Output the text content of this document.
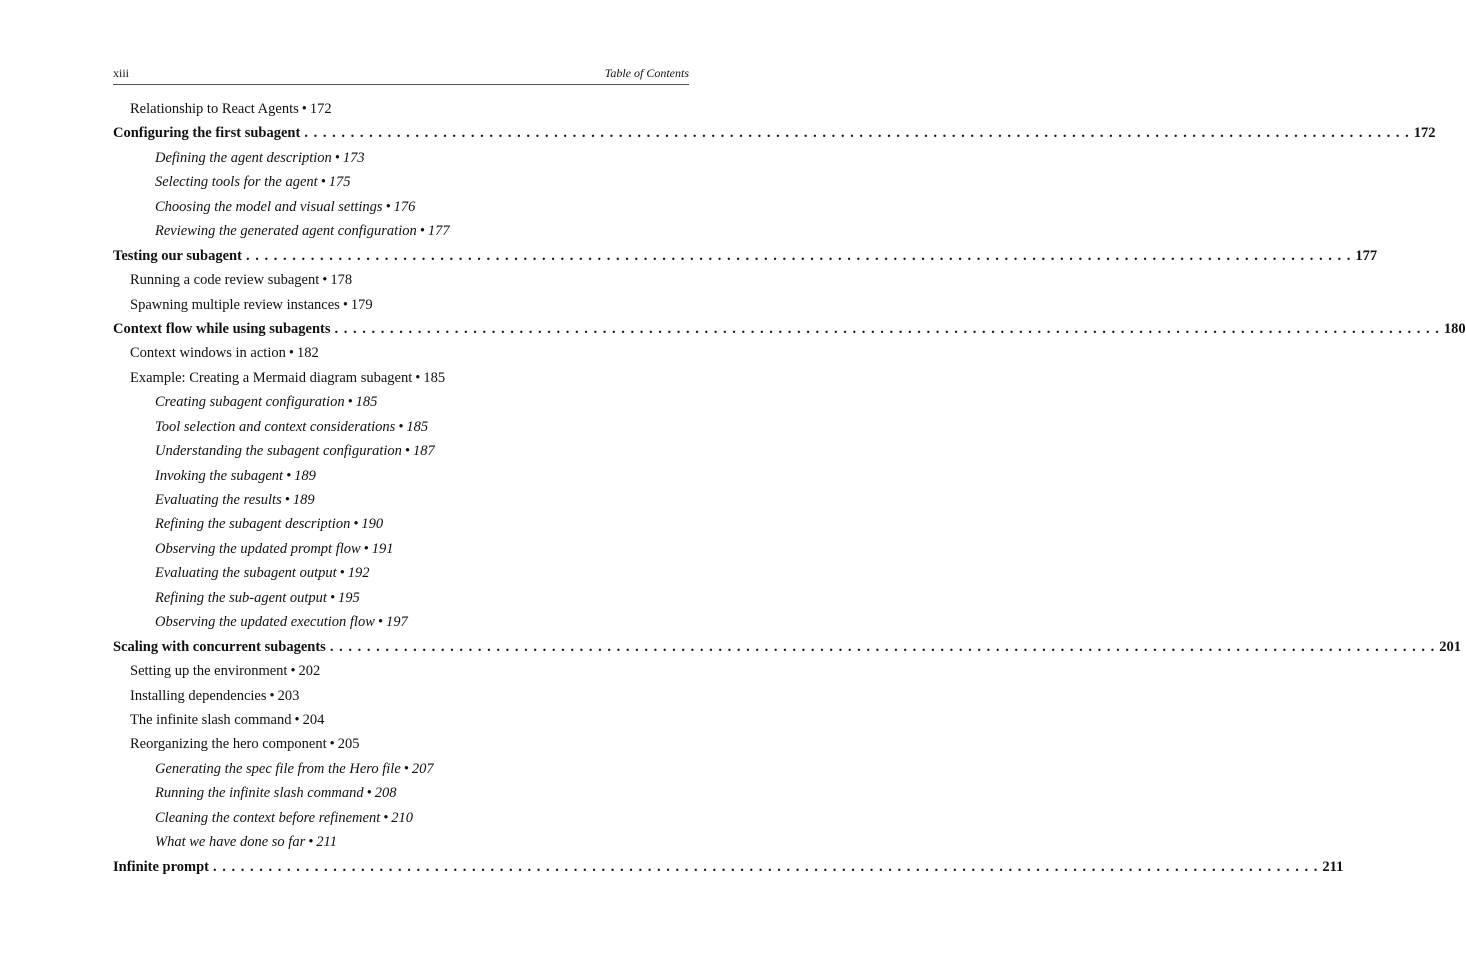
xiii	Table of Contents
Relationship to React Agents • 172
Configuring the first subagent . . . . . . . . . . . . . . . . . . . . . . . . . . . . . . . . . . . . . . . . . . . . . . . . . . . . . . . . . . . . . . . . . . . . . . . . . . . . . . . . . . . . . . . . . . . . . . . . . . . . . . . . . . . . . . . . . . . . . . . . 172
Defining the agent description • 173
Selecting tools for the agent • 175
Choosing the model and visual settings • 176
Reviewing the generated agent configuration • 177
Testing our subagent . . . . . . . . . . . . . . . . . . . . . . . . . . . . . . . . . . . . . . . . . . . . . . . . . . . . . . . . . . . . . . . . . . . . . . . . . . . . . . . . . . . . . . . . . . . . . . . . . . . . . . . . . . . . . . . . . . . . . . . . 177
Running a code review subagent • 178
Spawning multiple review instances • 179
Context flow while using subagents . . . . . . . . . . . . . . . . . . . . . . . . . . . . . . . . . . . . . . . . . . . . . . . . . . . . . . . . . . . . . . . . . . . . . . . . . . . . . . . . . . . . . . . . . . . . . . . . . . . . . . . . . . . . . . . . . . . . . . . . 180
Context windows in action • 182
Example: Creating a Mermaid diagram subagent • 185
Creating subagent configuration • 185
Tool selection and context considerations • 185
Understanding the subagent configuration • 187
Invoking the subagent • 189
Evaluating the results • 189
Refining the subagent description • 190
Observing the updated prompt flow • 191
Evaluating the subagent output • 192
Refining the sub-agent output • 195
Observing the updated execution flow • 197
Scaling with concurrent subagents . . . . . . . . . . . . . . . . . . . . . . . . . . . . . . . . . . . . . . . . . . . . . . . . . . . . . . . . . . . . . . . . . . . . . . . . . . . . . . . . . . . . . . . . . . . . . . . . . . . . . . . . . . . . . . . . . . . . . . . . 201
Setting up the environment • 202
Installing dependencies • 203
The infinite slash command • 204
Reorganizing the hero component • 205
Generating the spec file from the Hero file • 207
Running the infinite slash command • 208
Cleaning the context before refinement • 210
What we have done so far • 211
Infinite prompt . . . . . . . . . . . . . . . . . . . . . . . . . . . . . . . . . . . . . . . . . . . . . . . . . . . . . . . . . . . . . . . . . . . . . . . . . . . . . . . . . . . . . . . . . . . . . . . . . . . . . . . . . . . . . . . . . . . . . . . . 211
